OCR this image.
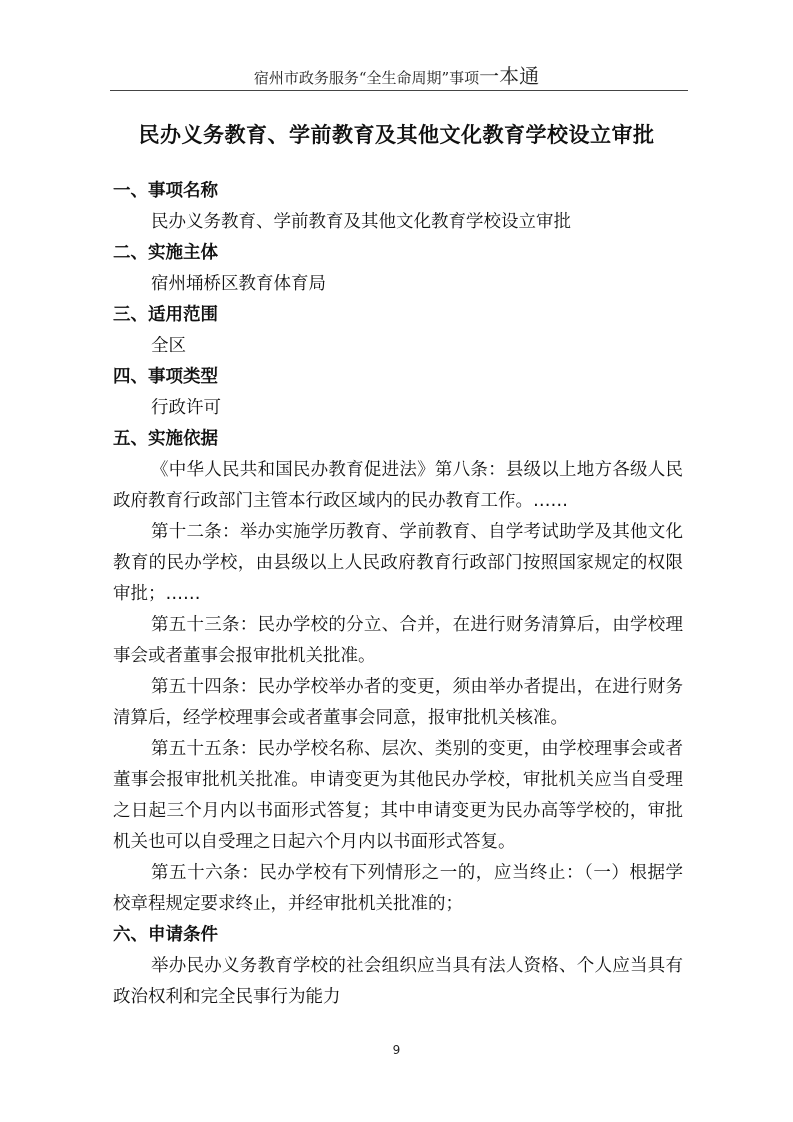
宿州市政务服务“全生命周期”事项一本通
民办义务教育、学前教育及其他文化教育学校设立审批

一、事项名称

民办义务教育、学前教育及其他文化教育学校设立审批

二、实施主体

宿州埇桥区教育体育局

三、适用范围

全区

四、事项类型

行政许可

五、实施依据

《中华人民共和国民办教育促进法》第八条：县级以上地方各级人民政府教育行政部门主管本行政区域内的民办教育工作。……

第十二条：举办实施学历教育、学前教育、自学考试助学及其他文化教育的民办学校，由县级以上人民政府教育行政部门按照国家规定的权限审批；……

第五十三条：民办学校的分立、合并，在进行财务清算后，由学校理事会或者董事会报审批机关批准。

第五十四条：民办学校举办者的变更，须由举办者提出，在进行财务清算后，经学校理事会或者董事会同意，报审批机关核准。

第五十五条：民办学校名称、层次、类别的变更，由学校理事会或者董事会报审批机关批准。申请变更为其他民办学校，审批机关应当自受理之日起三个月内以书面形式答复；其中申请变更为民办高等学校的，审批机关也可以自受理之日起六个月内以书面形式答复。

第五十六条：民办学校有下列情形之一的，应当终止：（一）根据学校章程规定要求终止，并经审批机关批准的；

六、申请条件

举办民办义务教育学校的社会组织应当具有法人资格、个人应当具有政治权利和完全民事行为能力

9
